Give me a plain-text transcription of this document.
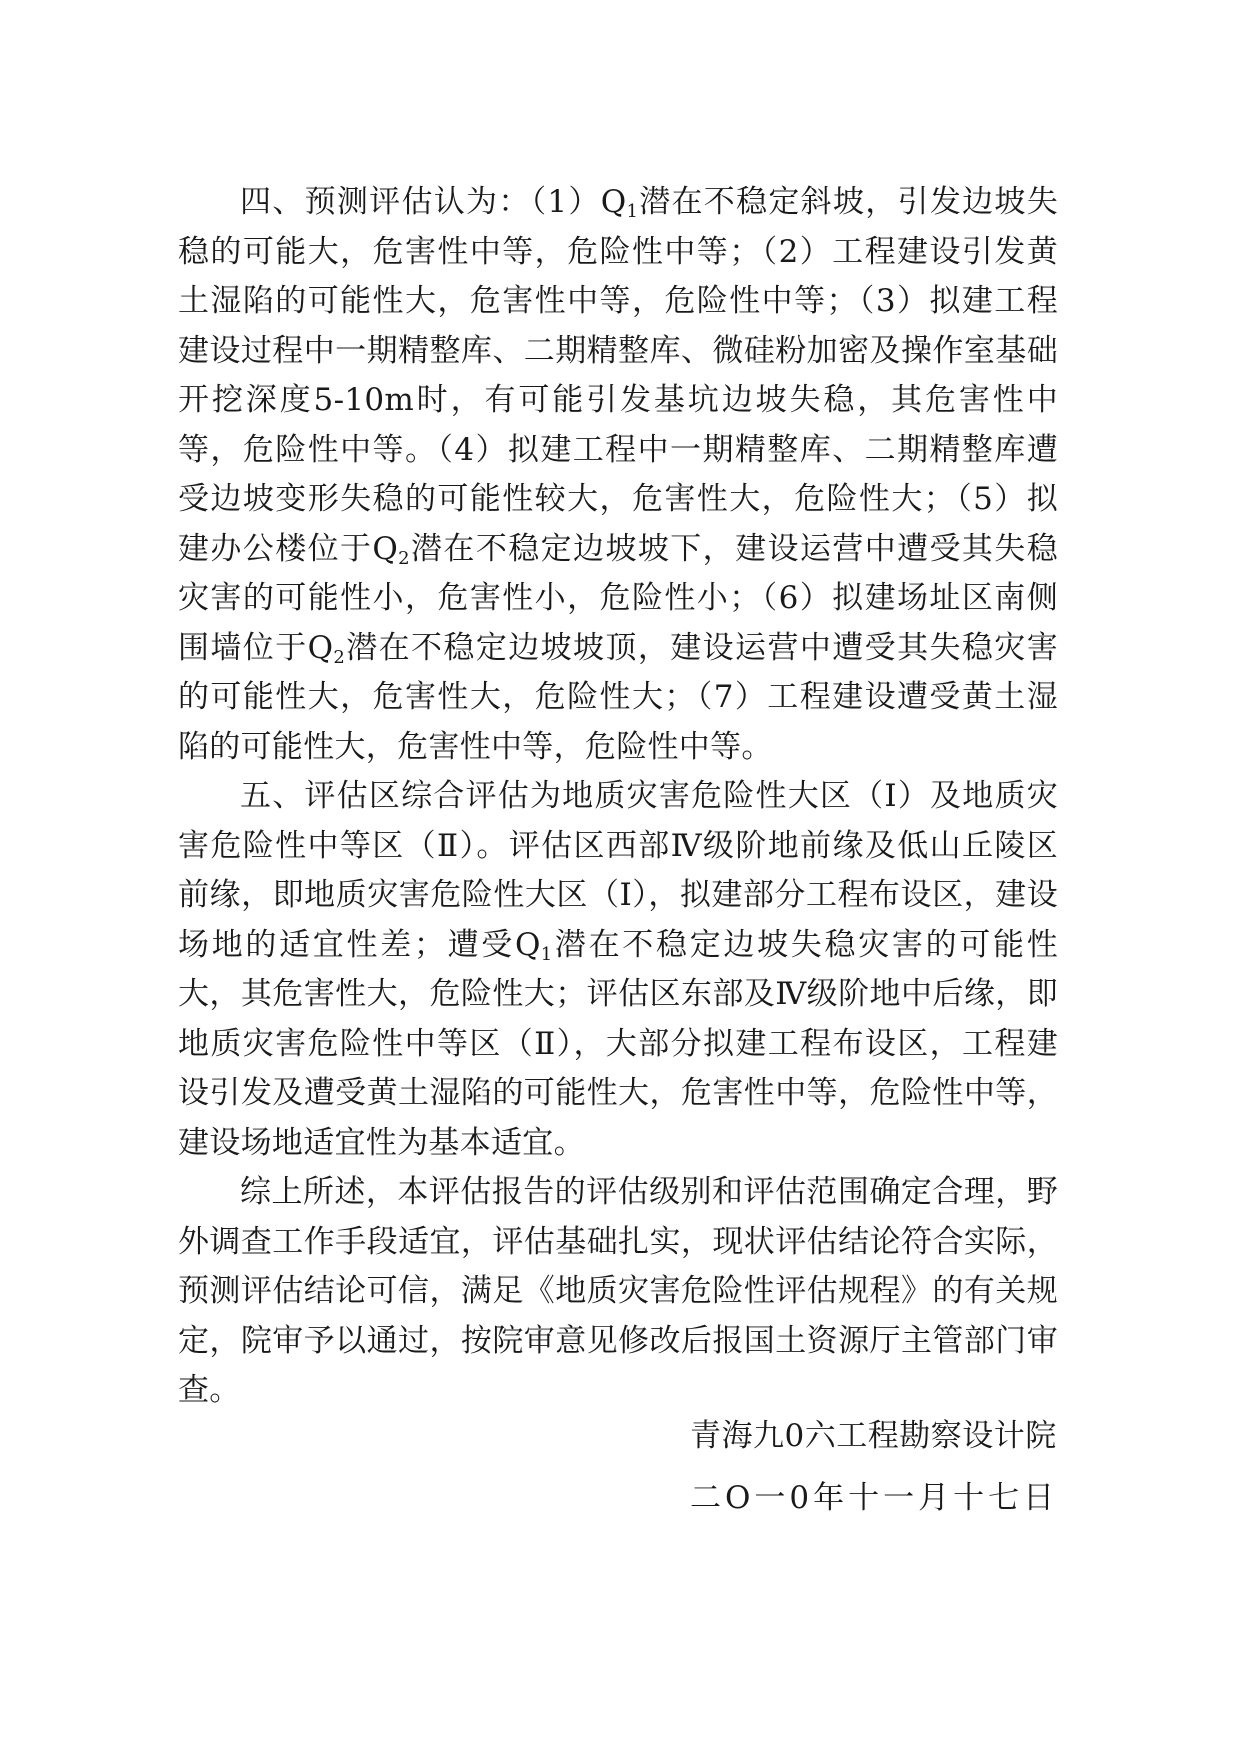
四、预测评估认为：$(1)Q_1$潜在不稳定斜坡，引发边坡失稳的可能大，危害性中等，危险性中等；（2）工程建设引发黄土湿陷的可能性大，危害性中等，危险性中等；（3）拟建工程建设过程中一期精整库、二期精整库、微硅粉加密及操作室基础开挖深度5-10m时，有可能引发基坑边坡失稳，其危害性中等，危险性中等。（4）拟建工程中一期精整库、二期精整库遭受边坡变形失稳的可能性较大，危害性大，危险性大；（5）拟建办公楼位于$Q_2$潜在不稳定边坡坡下，建设运营中遭受其失稳灾害的可能性小，危害性小，危险性小；（6）拟建场址区南侧围墙位于$Q_2$潜在不稳定边坡坡顶，建设运营中遭受其失稳灾害的可能性大，危害性大，危险性大；（7）工程建设遭受黄土湿陷的可能性大，危害性中等，危险性中等。

五、评估区综合评估为地质灾害危险性大区（Ⅰ）及地质灾害危险性中等区（Ⅱ）。评估区西部Ⅳ级阶地前缘及低山丘陵区前缘，即地质灾害危险性大区（Ⅰ），拟建部分工程布设区，建设场地的适宜性差；遭受$Q_1$潜在不稳定边坡失稳灾害的可能性大，其危害性大，危险性大；评估区东部及Ⅳ级阶地中后缘，即地质灾害危险性中等区（Ⅱ），大部分拟建工程布设区，工程建设引发及遭受黄土湿陷的可能性大，危害性中等，危险性中等，建设场地适宜性为基本适宜。

综上所述，本评估报告的评估级别和评估范围确定合理，野外调查工作手段适宜，评估基础扎实，现状评估结论符合实际，预测评估结论可信，满足《地质灾害危险性评估规程》的有关规定，院审予以通过，按院审意见修改后报国土资源厅主管部门审查。

青海九0六工程勘察设计院
二O一0年十一月十七日
